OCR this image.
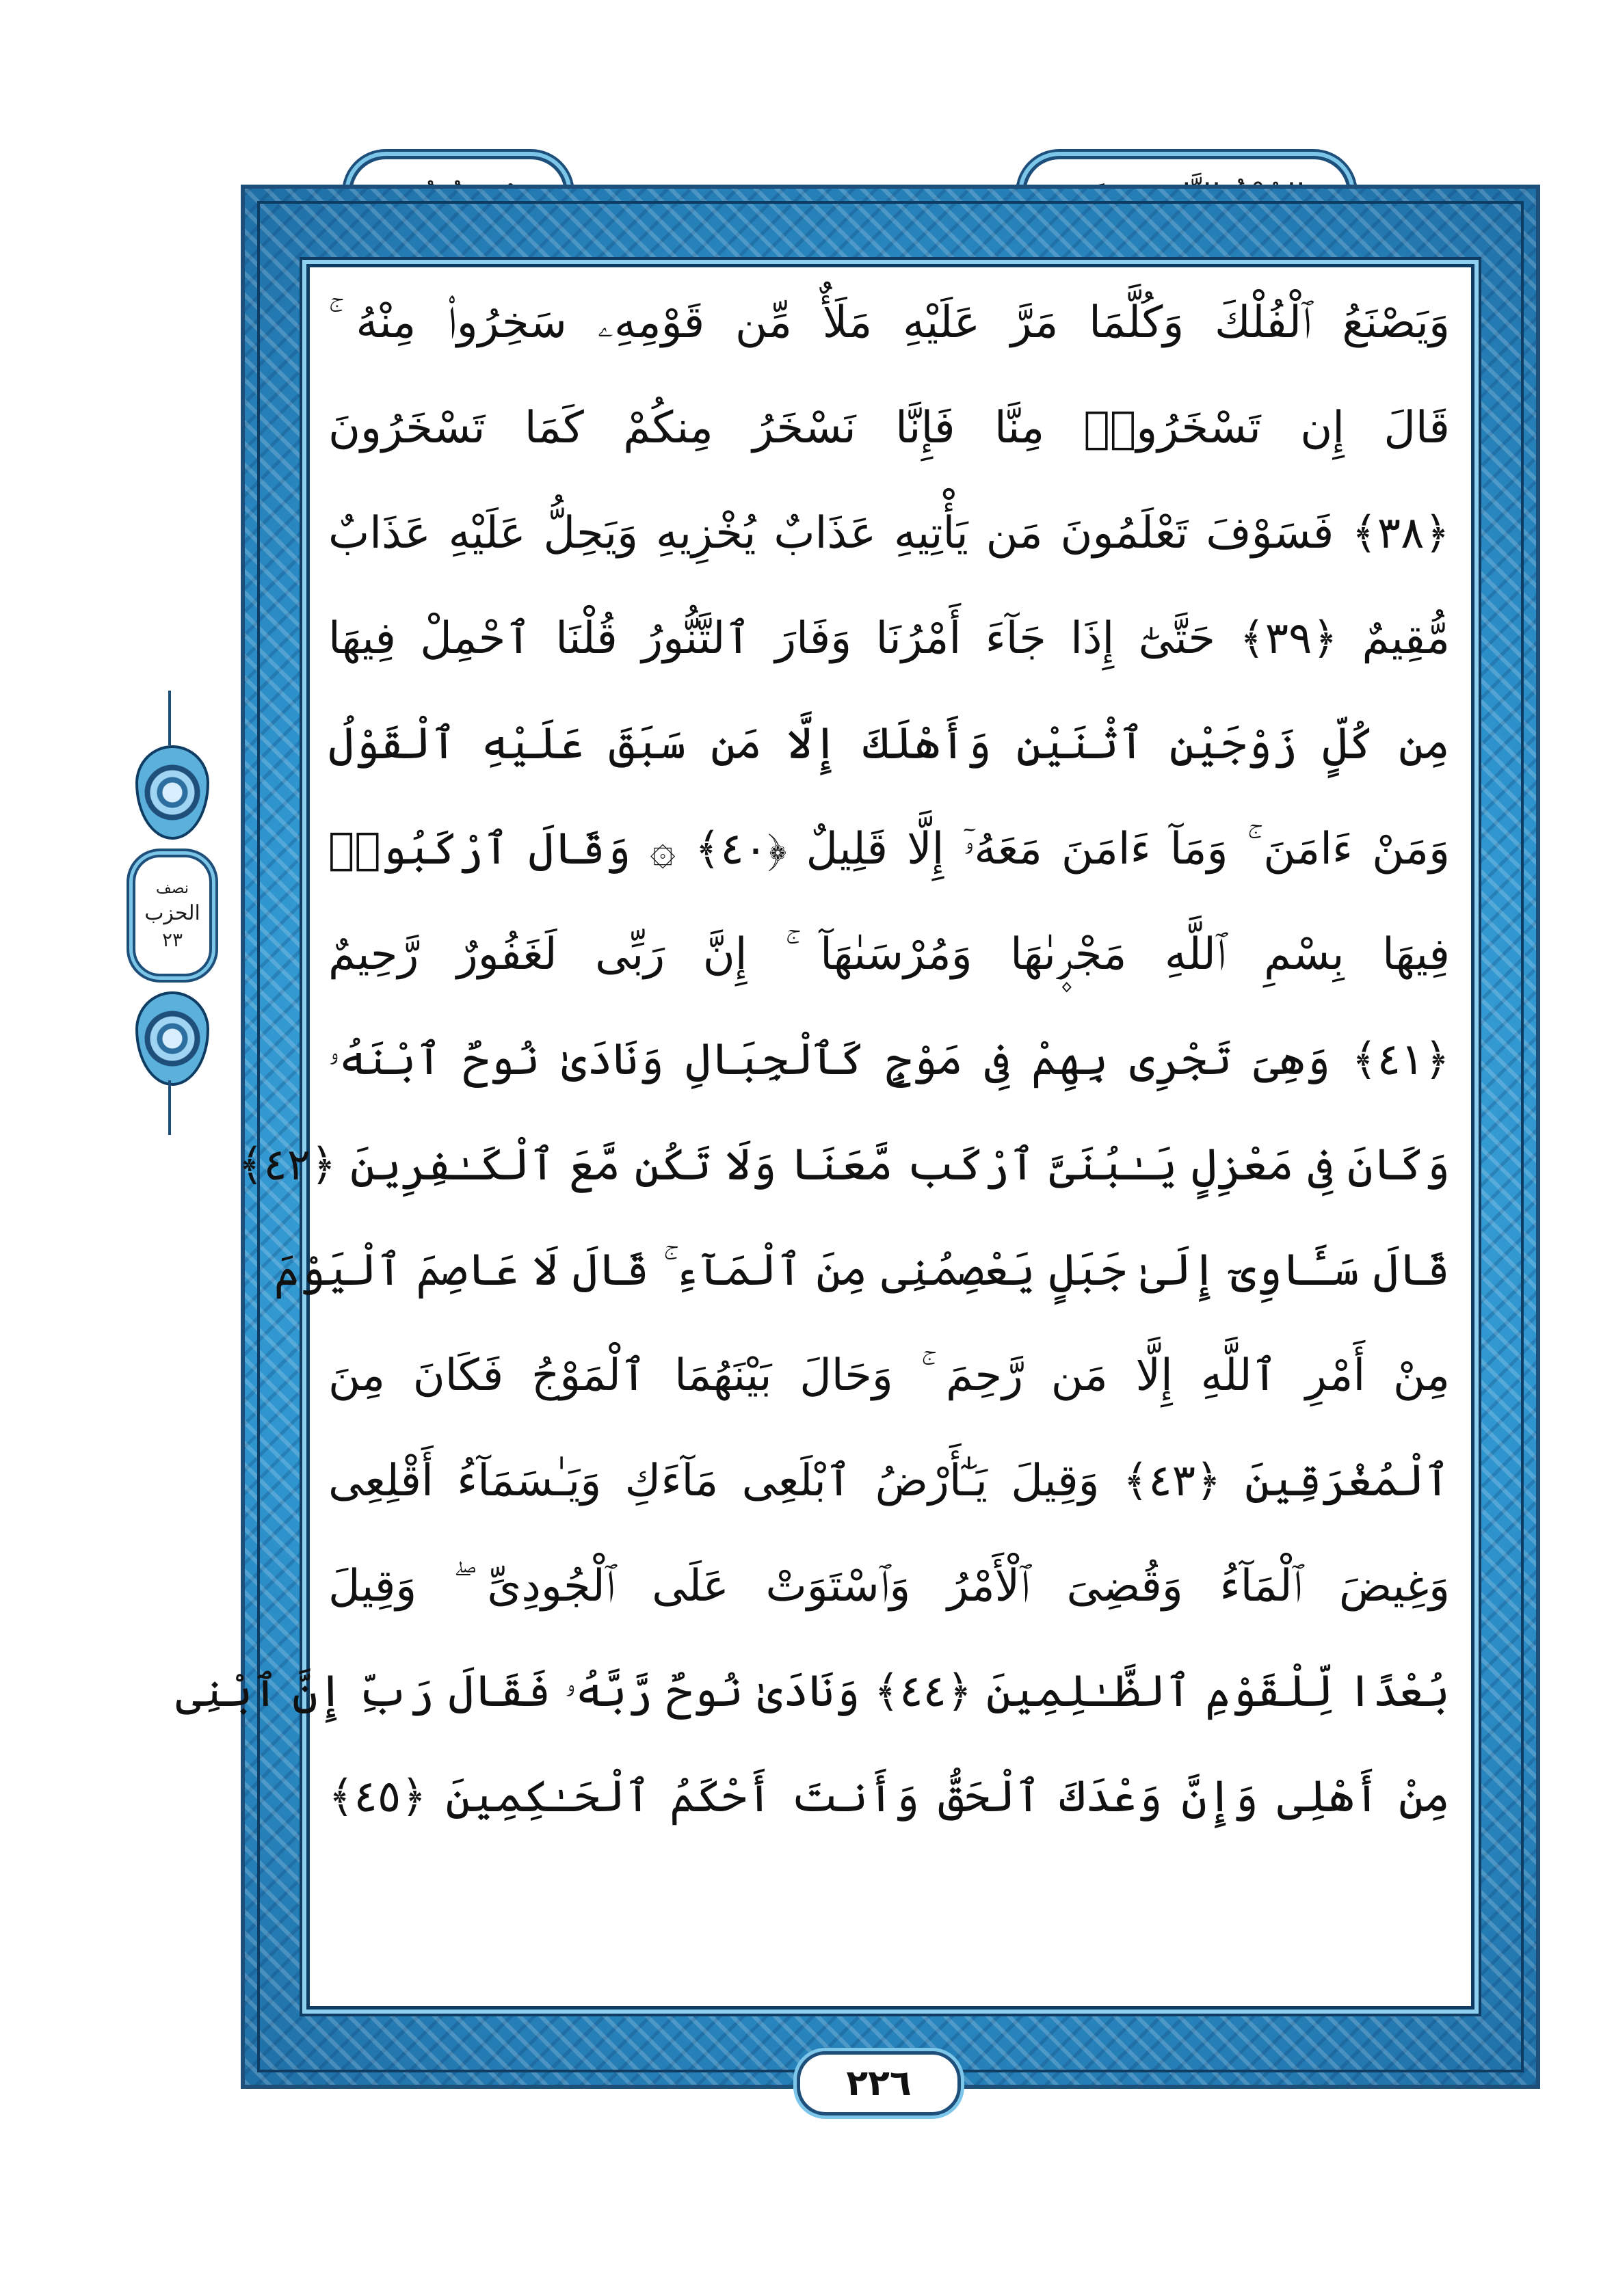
وَيَصْنَعُ ٱلْفُلْكَ وَكُلَّمَا مَرَّ عَلَيْهِ مَلَأٌ مِّن قَوْمِهِۦ سَخِرُوا۟ مِنْهُ ۚ
قَالَ إِن تَسْخَرُوا۟ مِنَّا فَإِنَّا نَسْخَرُ مِنكُمْ كَمَا تَسْخَرُونَ
﴿٣٨﴾ فَسَوْفَ تَعْلَمُونَ مَن يَأْتِيهِ عَذَابٌ يُخْزِيهِ وَيَحِلُّ عَلَيْهِ عَذَابٌ
مُّقِيمٌ ﴿٣٩﴾ حَتَّىٰٓ إِذَا جَآءَ أَمْرُنَا وَفَارَ ٱلتَّنُّورُ قُلْنَا ٱحْمِلْ فِيهَا
مِن كُلٍّ زَوْجَيْنِ ٱثْنَيْنِ وَأَهْلَكَ إِلَّا مَن سَبَقَ عَلَيْهِ ٱلْقَوْلُ
وَمَنْ ءَامَنَ ۚ وَمَآ ءَامَنَ مَعَهُۥٓ إِلَّا قَلِيلٌ ﴿٤٠﴾ ۞ وَقَالَ ٱرْكَبُوا۟
فِيهَا بِسْمِ ٱللَّهِ مَجْر۪ىٰهَا وَمُرْسَىٰهَآ ۚ إِنَّ رَبِّى لَغَفُورٌ رَّحِيمٌ
﴿٤١﴾ وَهِىَ تَجْرِى بِهِمْ فِى مَوْجٍ كَٱلْجِبَالِ وَنَادَىٰ نُوحٌ ٱبْنَهُۥ
وَكَانَ فِى مَعْزِلٍ يَـٰبُنَىَّ ٱرْكَب مَّعَنَا وَلَا تَكُن مَّعَ ٱلْكَـٰفِرِينَ ﴿٤٢﴾
قَالَ سَـَٔاوِىٓ إِلَىٰ جَبَلٍ يَعْصِمُنِى مِنَ ٱلْمَآءِ ۚ قَالَ لَا عَاصِمَ ٱلْيَوْمَ
مِنْ أَمْرِ ٱللَّهِ إِلَّا مَن رَّحِمَ ۚ وَحَالَ بَيْنَهُمَا ٱلْمَوْجُ فَكَانَ مِنَ
ٱلْمُغْرَقِينَ ﴿٤٣﴾ وَقِيلَ يَـٰٓأَرْضُ ٱبْلَعِى مَآءَكِ وَيَـٰسَمَآءُ أَقْلِعِى
وَغِيضَ ٱلْمَآءُ وَقُضِىَ ٱلْأَمْرُ وَٱسْتَوَتْ عَلَى ٱلْجُودِىِّ ۖ وَقِيلَ
بُعْدًا لِّلْقَوْمِ ٱلظَّـٰلِمِينَ ﴿٤٤﴾ وَنَادَىٰ نُوحٌ رَّبَّهُۥ فَقَالَ رَبِّ إِنَّ ٱبْنِى
مِنْ أَهْلِى وَإِنَّ وَعْدَكَ ٱلْحَقُّ وَأَنتَ أَحْكَمُ ٱلْحَـٰكِمِينَ ﴿٤٥﴾
نصف
الحزب
٢٣
٢٢٦
